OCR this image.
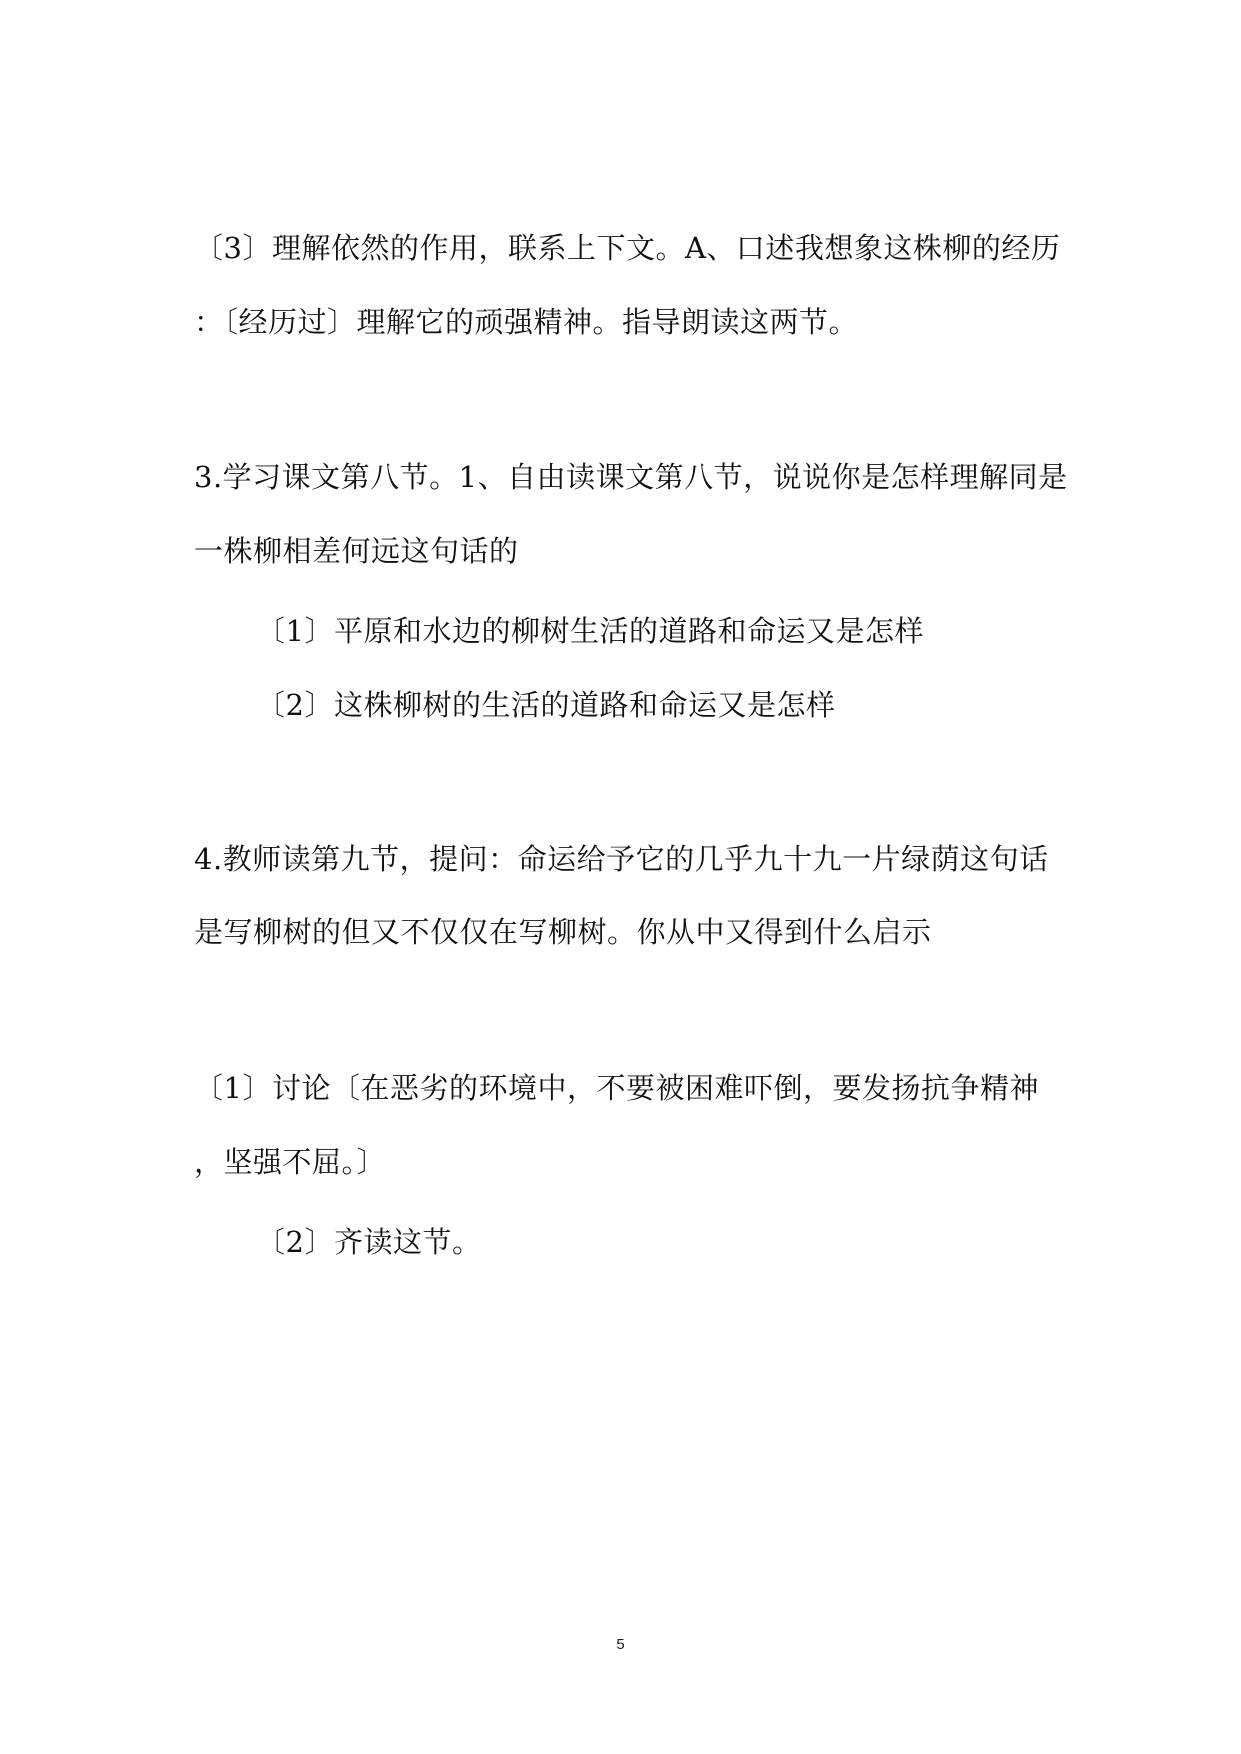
〔3〕理解依然的作用，联系上下文。A、口述我想象这株柳的经历
：〔经历过〕理解它的顽强精神。指导朗读这两节。
3.学习课文第八节。1、自由读课文第八节，说说你是怎样理解同是
一株柳相差何远这句话的
〔1〕平原和水边的柳树生活的道路和命运又是怎样
〔2〕这株柳树的生活的道路和命运又是怎样
4.教师读第九节，提问：命运给予它的几乎九十九一片绿荫这句话
是写柳树的但又不仅仅在写柳树。你从中又得到什么启示
〔1〕讨论〔在恶劣的环境中，不要被困难吓倒，要发扬抗争精神
，坚强不屈。〕
〔2〕齐读这节。
5
